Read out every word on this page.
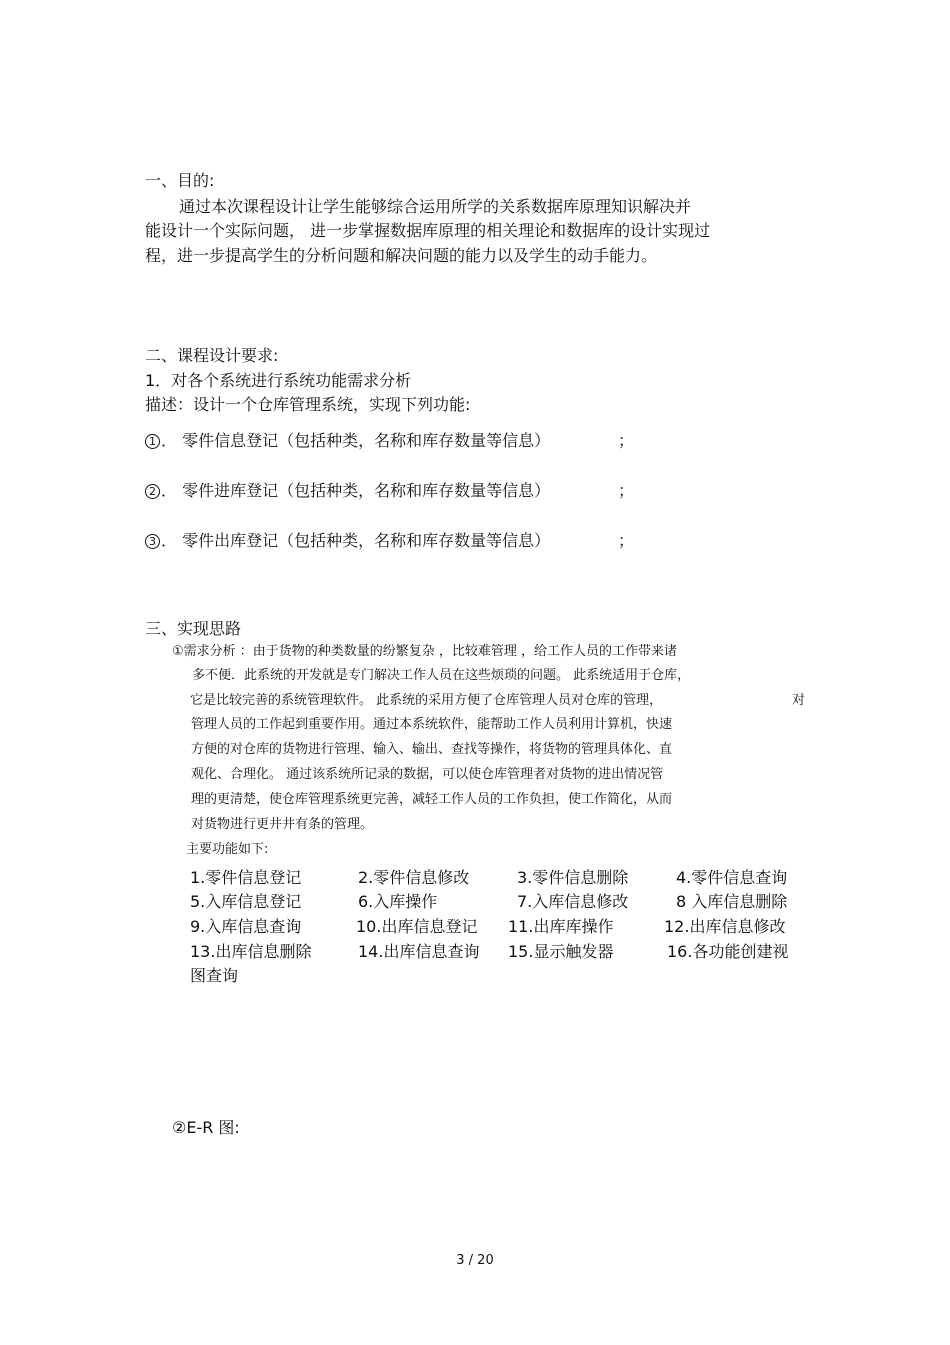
一、目的:

通过本次课程设计让学生能够综合运用所学的关系数据库原理知识解决并

能设计一个实际问题， 进一步掌握数据库原理的相关理论和数据库的设计实现过

程，进一步提高学生的分析问题和解决问题的能力以及学生的动手能力。

二、课程设计要求:

1．对各个系统进行系统功能需求分析

描述：设计一个仓库管理系统，实现下列功能:

1 ． 零件信息登记（包括种类，名称和库存数量等信息）	；

2 ． 零件进库登记（包括种类，名称和库存数量等信息）	；

3 ． 零件出库登记（包括种类，名称和库存数量等信息）	；

三、实现思路

①需求分析 ：由于货物的种类数量的纷繁复杂 ，比较难管理 ，给工作人员的工作带来诸

多不便．此系统的开发就是专门解决工作人员在这些烦琐的问题。 此系统适用于仓库，

它是比较完善的系统管理软件。 此系统的采用方便了仓库管理人员对仓库的管理，	对

管理人员的工作起到重要作用。通过本系统软件，能帮助工作人员利用计算机，快速

方便的对仓库的货物进行管理、输入、输出、查找等操作，将货物的管理具体化、直

观化、合理化。 通过该系统所记录的数据，可以使仓库管理者对货物的进出情况管

理的更清楚，使仓库管理系统更完善，减轻工作人员的工作负担，使工作简化，从而

对货物进行更井井有条的管理。

主要功能如下:

1.零件信息登记	2.零件信息修改	3.零件信息删除	4.零件信息查询
5.入库信息登记	6.入库操作	7.入库信息修改	8 入库信息删除
9.入库信息查询	10.出库信息登记 11.出库库操作	12.出库信息修改
13.出库信息删除	14.出库信息查询 15.显示触发器	16.各功能创建视
图查询

②E-R 图:

3 / 20
